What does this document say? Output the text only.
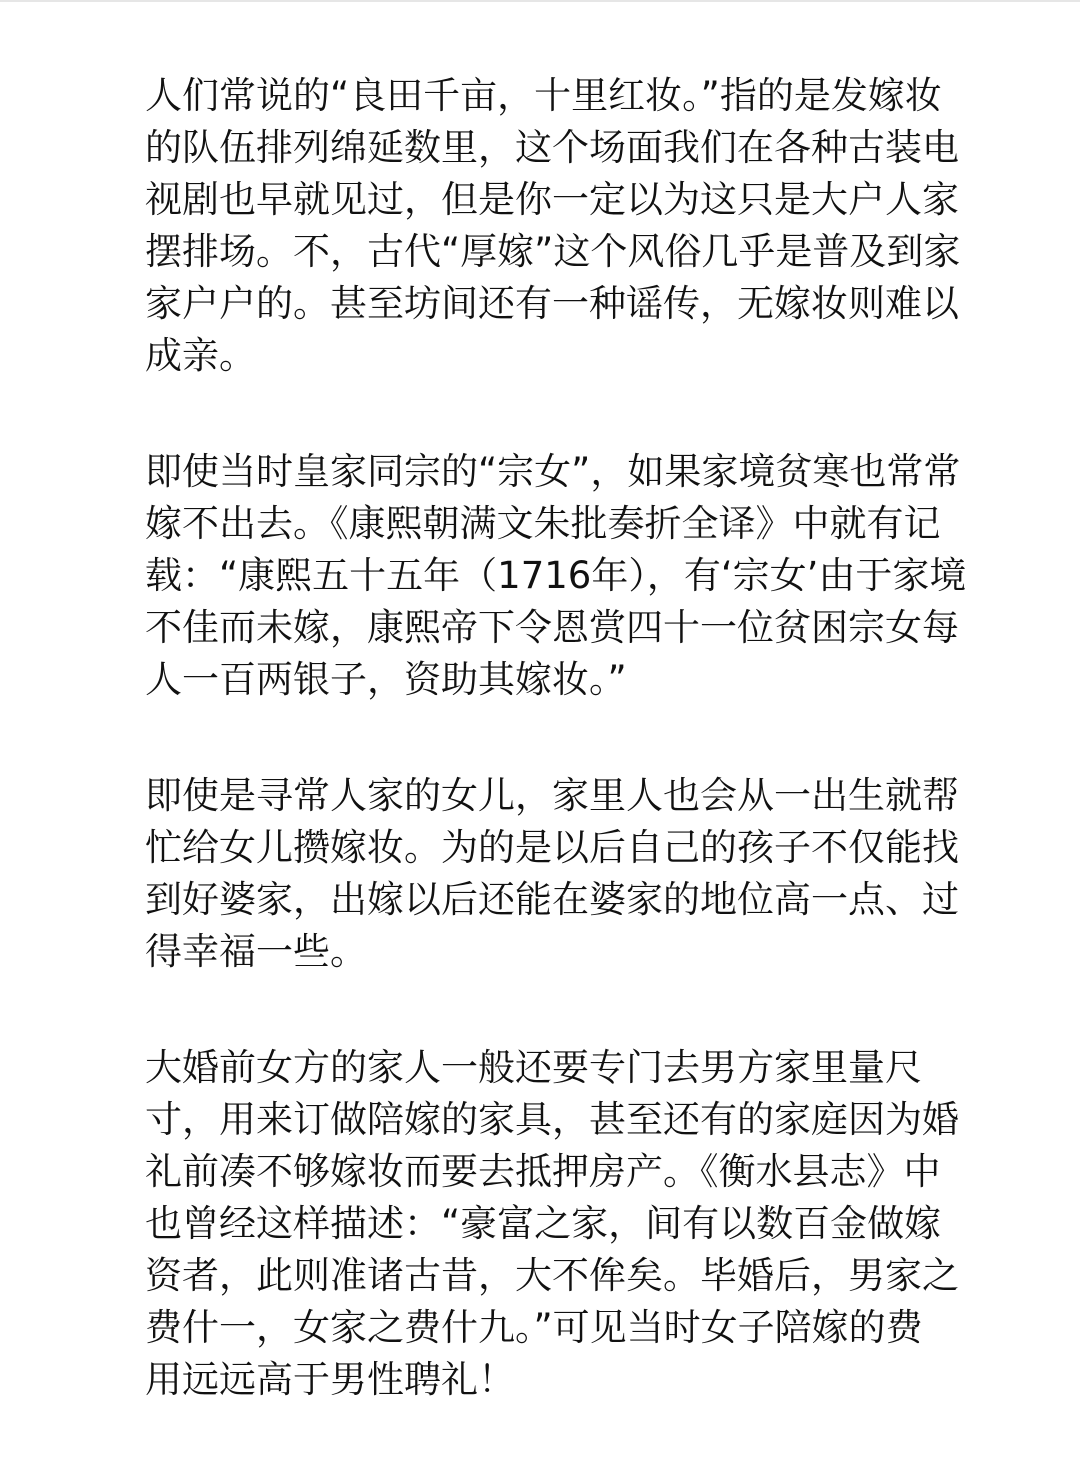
人们常说的“良田千亩，十里红妆。”指的是发嫁妆
的队伍排列绵延数里，这个场面我们在各种古装电
视剧也早就见过，但是你一定以为这只是大户人家
摆排场。不，古代“厚嫁”这个风俗几乎是普及到家
家户户的。甚至坊间还有一种谣传，无嫁妆则难以
成亲。
即使当时皇家同宗的“宗女”，如果家境贫寒也常常
嫁不出去。《康熙朝满文朱批奏折全译》中就有记
载：“康熙五十五年（1716年），有‘宗女’由于家境
不佳而未嫁，康熙帝下令恩赏四十一位贫困宗女每
人一百两银子，资助其嫁妆。”
即使是寻常人家的女儿，家里人也会从一出生就帮
忙给女儿攒嫁妆。为的是以后自己的孩子不仅能找
到好婆家，出嫁以后还能在婆家的地位高一点、过
得幸福一些。
大婚前女方的家人一般还要专门去男方家里量尺
寸，用来订做陪嫁的家具，甚至还有的家庭因为婚
礼前凑不够嫁妆而要去抵押房产。《衡水县志》中
也曾经这样描述：“豪富之家，间有以数百金做嫁
资者，此则准诸古昔，大不侔矣。毕婚后，男家之
费什一，女家之费什九。”可见当时女子陪嫁的费
用远远高于男性聘礼！
